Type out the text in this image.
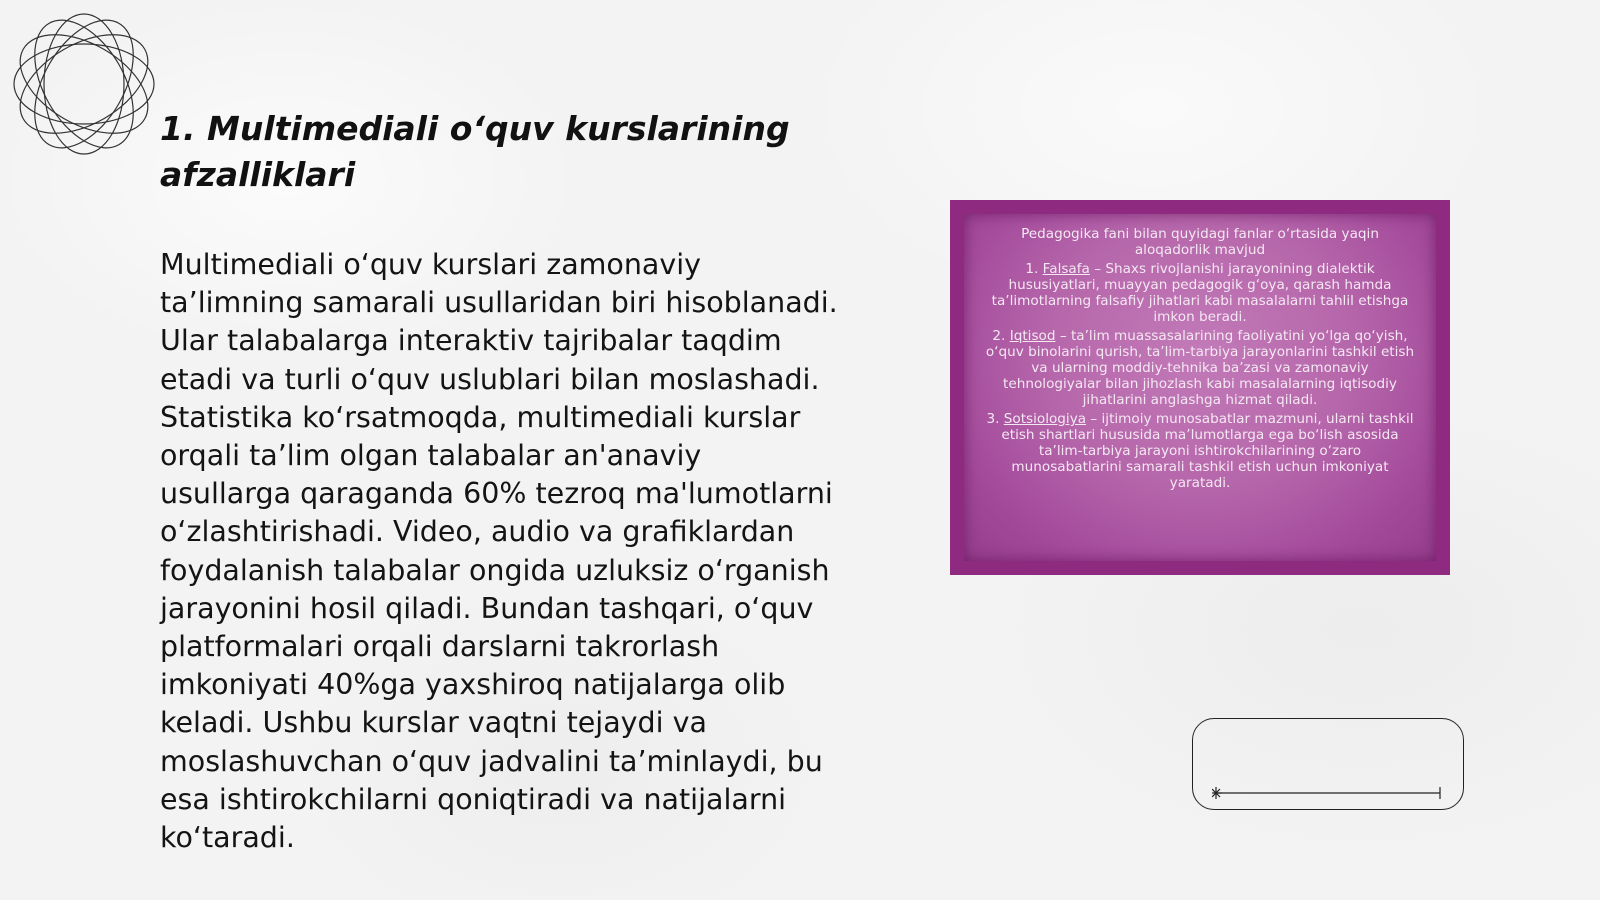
1. Multimediali o‘quv kurslarining afzalliklari

Multimediali o‘quv kurslari zamonaviy ta’limning samarali usullaridan biri hisoblanadi. Ular talabalarga interaktiv tajribalar taqdim etadi va turli o‘quv uslublari bilan moslashadi. Statistika ko‘rsatmoqda, multimediali kurslar orqali ta’lim olgan talabalar an'anaviy usullarga qaraganda 60% tezroq ma'lumotlarni o‘zlashtirishadi. Video, audio va grafiklardan foydalanish talabalar ongida uzluksiz o‘rganish jarayonini hosil qiladi. Bundan tashqari, o‘quv platformalari orqali darslarni takrorlash imkoniyati 40%ga yaxshiroq natijalarga olib keladi. Ushbu kurslar vaqtni tejaydi va moslashuvchan o‘quv jadvalini ta’minlaydi, bu esa ishtirokchilarni qoniqtiradi va natijalarni ko‘taradi.

Pedagogika fani bilan quyidagi fanlar o‘rtasida yaqin aloqadorlik mavjud

1. Falsafa – Shaxs rivojlanishi jarayonining dialektik hususiyatlari, muayyan pedagogik g‘oya, qarash hamda ta’limotlarning falsafiy jihatlari kabi masalalarni tahlil etishga imkon beradi.

2. Iqtisod – ta’lim muassasalarining faoliyatini yo‘lga qo‘yish, o‘quv binolarini qurish, ta’lim-tarbiya jarayonlarini tashkil etish va ularning moddiy-tehnika ba’zasi va zamonaviy tehnologiyalar bilan jihozlash kabi masalalarning iqtisodiy jihatlarini anglashga hizmat qiladi.

3. Sotsiologiya – ijtimoiy munosabatlar mazmuni, ularni tashkil etish shartlari hususida ma’lumotlarga ega bo‘lish asosida ta’lim-tarbiya jarayoni ishtirokchilarining o‘zaro munosabatlarini samarali tashkil etish uchun imkoniyat yaratadi.
